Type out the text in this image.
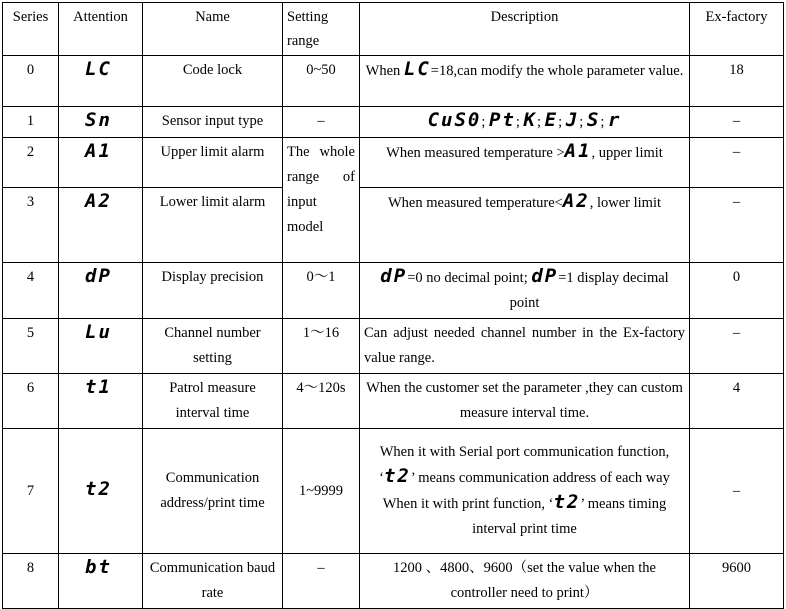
Series	Attention	Name	Setting range	Description	Ex-factory
0	LC	Code lock	0~50	When LC=18,can modify the whole parameter value.	18
1	Sn	Sensor input type	–	CuS0; Pt; K; E; J; S; r	–
2	A1	Upper limit alarm	The whole range of input model	When measured temperature >A1, upper limit	–
3	A2	Lower limit alarm		When measured temperature<A2, lower limit	–
4	dP	Display precision	0～1	dP=0 no decimal point; dP=1 display decimal point	0
5	Lu	Channel number setting	1～16	Can adjust needed channel number in the Ex-factory value range.	–
6	t1	Patrol measure interval time	4～120s	When the customer set the parameter ,they can custom measure interval time.	4
7	t2	Communication address/print time	1~9999	When it with Serial port communication function, ‘t2’ means communication address of each way When it with print function, ‘t2’ means timing interval print time	–
8	bt	Communication baud rate	–	1200 、4800、9600（set the value when the controller need to print）	9600
